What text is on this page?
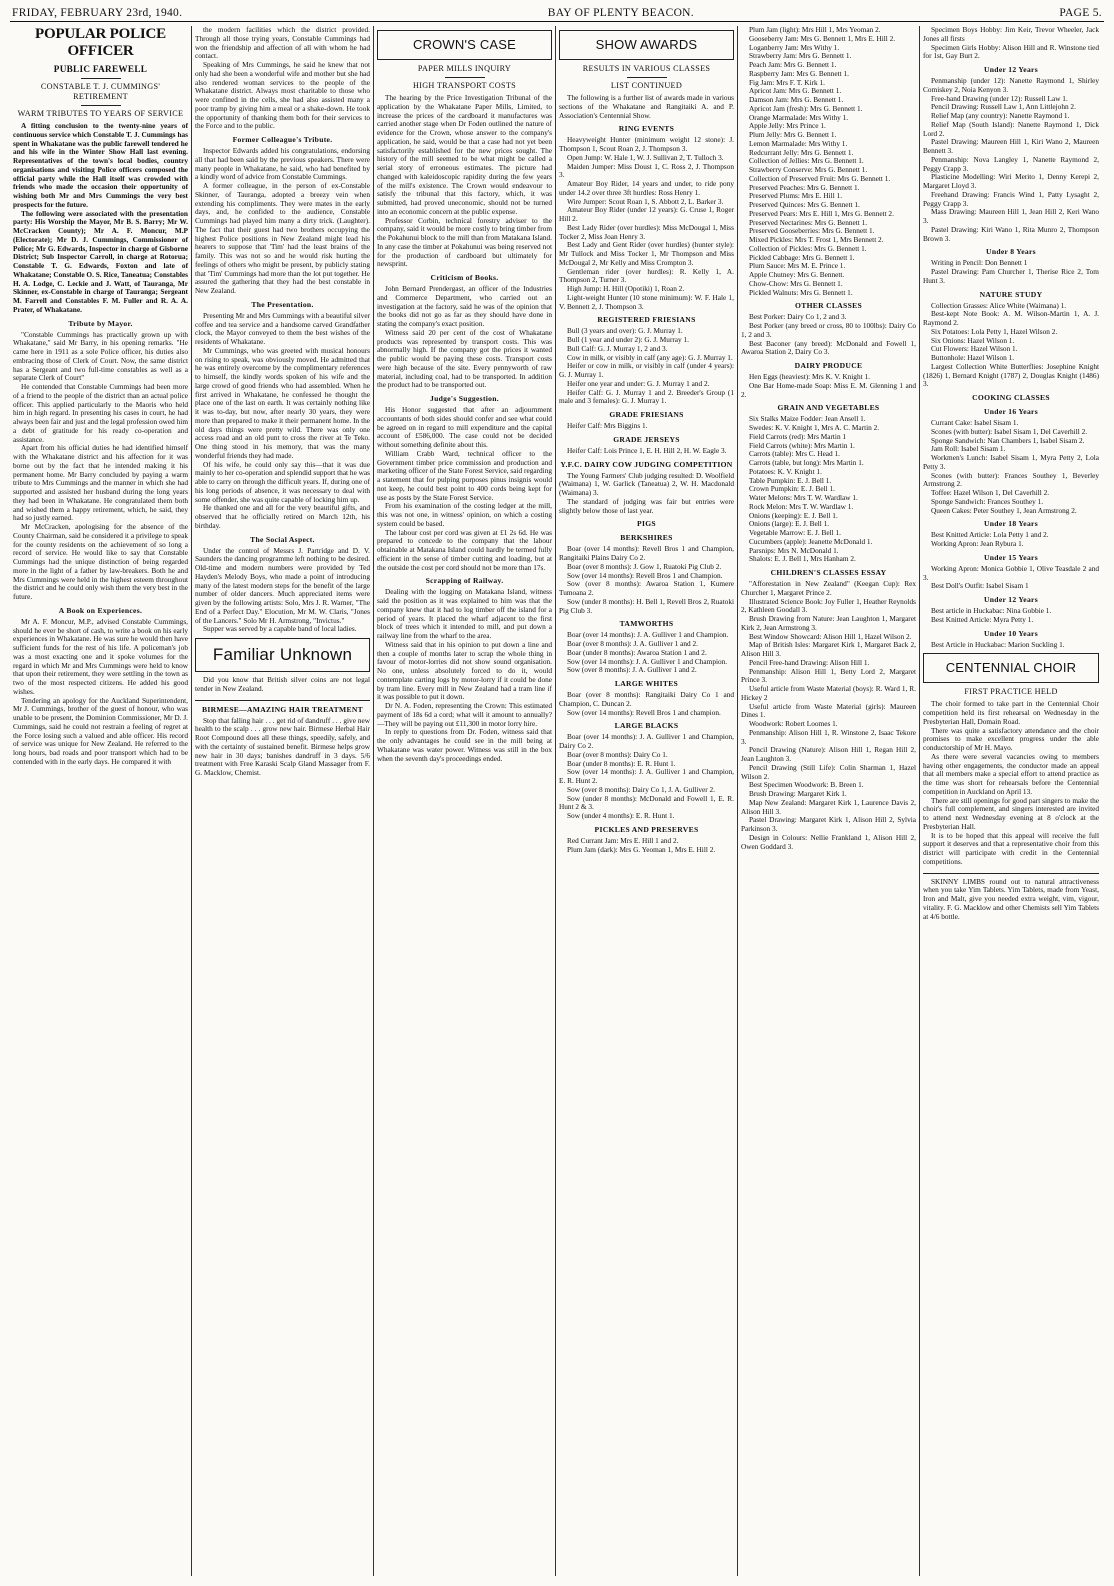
FRIDAY, FEBRUARY 23rd, 1940.	BAY OF PLENTY BEACON.	PAGE 5.
POPULAR POLICE OFFICER
PUBLIC FAREWELL
CONSTABLE T. J. CUMMINGS' RETIREMENT
WARM TRIBUTES TO YEARS OF SERVICE

A fitting conclusion to the twenty-nine years of continuous service which Constable T. J. Cummings has spent in Whakatane was the public farewell tendered he and his wife in the Winter Show Hall last evening. Representatives of the town's local bodies, country organisations and visiting Police officers composed the official party while the Hall itself was crowded with friends who made the occasion their opportunity of wishing both Mr and Mrs Cummings the very best prospects for the future.

The following were associated with the presentation party: His Worship the Mayor, Mr B. S. Barry; Mr W. McCracken County); Mr A. F. Moncur, M.P (Electorate); Mr D. J. Cummings, Commissioner of Police; Mr G. Edwards, Inspector in charge of Gisborne District; Sub Inspector Carroll, in charge at Rotorua; Constable T. G. Edwards, Foxton and late of Whakatane; Constable O. S. Rice, Taneatua; Constables H. A. Lodge, C. Leckie and J. Watt, of Tauranga, Mr Skinner, ex-Constable in charge of Tauranga; Sergeant M. Farrell and Constables F. M. Fuller and R. A. A. Prater, of Whakatane.

Tribute by Mayor.

"Constable Cummings has practically grown up with Whakatane," said Mr Barry, in his opening remarks. "He came here in 1911 as a sole Police officer, his duties also embracing those of Clerk of Court. Now, the same district has a Sergeant and two full-time constables as well as a separate Clerk of Court"

He contended that Constable Cummings had been more of a friend to the people of the district than an actual police officer. This applied particularly to the Maoris who held him in high regard. In presenting his cases in court, he had always been fair and just and the legal profession owed him a debt of gratitude for his ready co-operation and assistance.

Apart from his official duties he had identified himself with the Whakatane district and his affection for it was borne out by the fact that he intended making it his permanent home. Mr Barry concluded by paying a warm tribute to Mrs Cummings and the manner in which she had supported and assisted her husband during the long years they had been in Whakatane. He congratulated them both and wished them a happy retirement, which, he said, they had so justly earned.

Mr McCracken, apologising for the absence of the County Chairman, said he considered it a privilege to speak for the county residents on the achievement of so long a record of service. He would like to say that Constable Cummings had the unique distinction of being regarded more in the light of a father by law-breakers. Both he and Mrs Cummings were held in the highest esteem throughout the district and he could only wish them the very best in the future.

A Book on Experiences.

Mr A. F. Moncur, M.P., advised Constable Cummings, should he ever be short of cash, to write a book on his early experiences in Whakatane. He was sure he would then have sufficient funds for the rest of his life. A policeman's job was a most exacting one and it spoke volumes for the regard in which Mr and Mrs Cummings were held to know that upon their retirement, they were settling in the town as two of the most respected citizens. He added his good wishes.

Tendering an apology for the Auckland Superintendent, Mr J. Cummings, brother of the guest of honour, who was unable to be present, the Dominion Commissioner, Mr D. J. Cummings, said he could not restrain a feeling of regret at the Force losing such a valued and able officer. His record of service was unique for New Zealand. He referred to the long hours, bad roads and poor transport which had to be contended with in the early days. He compared it with

the modern facilities which the district provided. Through all those trying years, Constable Cummings had won the friendship and affection of all with whom he had contact.

Speaking of Mrs Cummings, he said he knew that not only had she been a wonderful wife and mother but she had also rendered woman services to the people of the Whakatane district. Always most charitable to those who were confined in the cells, she had also assisted many a poor tramp by giving him a meal or a shake-down. He took the opportunity of thanking them both for their services to the Force and to the public.

Former Colleague's Tribute.

Inspector Edwards added his congratulations, endorsing all that had been said by the previous speakers. There were many people in Whakatane, he said, who had benefited by a kindly word of advice from Constable Cummings.

A former colleague, in the person of ex-Constable Skinner, of Tauranga, adopted a breezy vein when extending his compliments. They were mates in the early days, and, he confided to the audience, Constable Cummings had played him many a dirty trick. (Laughter). The fact that their guest had two brothers occupying the highest Police positions in New Zealand might lead his hearers to suppose that 'Tim' had the least brains of the family. This was not so and he would risk hurting the feelings of others who might be present, by publicly stating that 'Tim' Cummings had more than the lot put together. He assured the gathering that they had the best constable in New Zealand.

The Presentation.

Presenting Mr and Mrs Cummings with a beautiful silver coffee and tea service and a handsome carved Grandfather clock, the Mayor conveyed to them the best wishes of the residents of Whakatane.

Mr Cummings, who was greeted with musical honours on rising to speak, was obviously moved. He admitted that he was entirely overcome by the complimentary references to himself, the kindly words spoken of his wife and the large crowd of good friends who had assembled. When he first arrived in Whakatane, he confessed he thought the place one of the last on earth. It was certainly nothing like it was to-day, but now, after nearly 30 years, they were more than prepared to make it their permanent home. In the old days things were pretty wild. There was only one access road and an old punt to cross the river at Te Teko. One thing stood in his memory, that was the many wonderful friends they had made.

Of his wife, he could only say this—that it was due mainly to her co-operation and splendid support that he was able to carry on through the difficult years. If, during one of his long periods of absence, it was necessary to deal with some offender, she was quite capable of locking him up.

He thanked one and all for the very beautiful gifts, and observed that he officially retired on March 12th, his birthday.

The Social Aspect.

Under the control of Messrs J. Partridge and D. V. Saunders the dancing programme left nothing to be desired. Old-time and modern numbers were provided by Ted Hayden's Melody Boys, who made a point of introducing many of the latest modern steps for the benefit of the large number of older dancers. Much appreciated items were given by the following artists: Solo, Mrs J. R. Warner, "The End of a Perfect Day." Elocution, Mr M. W. Claris, "Jones of the Lancers." Solo Mr H. Armstrong, "Invictus."

Supper was served by a capable band of local ladies.

Familiar Unknown

Did you know that British silver coins are not legal tender in New Zealand.

BIRMESE—AMAZING HAIR TREATMENT

Stop that falling hair . . . get rid of dandruff . . . give new health to the scalp . . . grow new hair. Birmese Herbal Hair Root Compound does all these things, speedily, safely, and with the certainty of sustained benefit. Birmese helps grow new hair in 30 days; banishes dandruff in 3 days. 5/6 treatment with Free Karaski Scalp Gland Massager from F. G. Macklow, Chemist.

CROWN'S CASE
PAPER MILLS INQUIRY
HIGH TRANSPORT COSTS

The hearing by the Price Investigation Tribunal of the application by the Whakatane Paper Mills, Limited, to increase the prices of the cardboard it manufactures was carried another stage when Dr Foden outlined the nature of evidence for the Crown, whose answer to the company's application, he said, would be that a case had not yet been satisfactorily established for the new prices sought. The history of the mill seemed to be what might be called a serial story of erroneous estimates. The picture had changed with kaleidoscopic rapidity during the few years of the mill's existence. The Crown would endeavour to satisfy the tribunal that this factory, which, it was submitted, had proved uneconomic, should not be turned into an economic concern at the public expense.

Professor Corbin, technical forestry adviser to the company, said it would be more costly to bring timber from the Pokahunui block to the mill than from Matakana Island. In any case the timber at Pokahunui was being reserved not for the production of cardboard but ultimately for newsprint.

Criticism of Books.

John Bernard Prendergast, an officer of the Industries and Commerce Department, who carried out an investigation at the factory, said he was of the opinion that the books did not go as far as they should have done in stating the company's exact position.

Witness said 20 per cent of the cost of Whakatane products was represented by transport costs. This was abnormally high. If the company got the prices it wanted the public would be paying these costs. Transport costs were high because of the site. Every pennyworth of raw material, including coal, had to be transported. In addition the product had to be transported out.

Judge's Suggestion.

His Honor suggested that after an adjournment accountants of both sides should confer and see what could be agreed on in regard to mill expenditure and the capital account of £586,000. The case could not be decided without something definite about this.

William Crabb Ward, technical officer to the Government timber price commission and production and marketing officer of the State Forest Service, said regarding a statement that for pulping purposes pinus insignis would not keep, he could best point to 400 cords being kept for use as posts by the State Forest Service.

From his examination of the costing ledger at the mill, this was not one, in witness' opinion, on which a costing system could be based.

The labour cost per cord was given at £1 2s 6d. He was prepared to concede to the company that the labour obtainable at Matakana Island could hardly be termed fully efficient in the sense of timber cutting and loading, but at the outside the cost per cord should not be more than 17s.

Scrapping of Railway.

Dealing with the logging on Matakana Island, witness said the position as it was explained to him was that the company knew that it had to log timber off the island for a period of years. It placed the wharf adjacent to the first block of trees which it intended to mill, and put down a railway line from the wharf to the area.

Witness said that in his opinion to put down a line and then a couple of months later to scrap the whole thing in favour of motor-lorries did not show sound organisation. No one, unless absolutely forced to do it, would contemplate carting logs by motor-lorry if it could be done by tram line. Every mill in New Zealand had a tram line if it was possible to put it down.

Dr N. A. Foden, representing the Crown: This estimated payment of 18s 6d a cord; what will it amount to annually?—They will be paying out £11,300 in motor lorry hire.

In reply to questions from Dr. Foden, witness said that the only advantages he could see in the mill being at Whakatane was water power. Witness was still in the box when the seventh day's proceedings ended.

SHOW AWARDS
RESULTS IN VARIOUS CLASSES
LIST CONTINUED

The following is a further list of awards made in various sections of the Whakatane and Rangitaiki A. and P. Association's Centennial Show.

RING EVENTS

Heavyweight Hunter (minimum weight 12 stone): J. Thompson 1, Scout Roan 2, J. Thompson 3.

Open Jump: W. Hale 1, W. J. Sullivan 2, T. Tulloch 3.

Maiden Jumper: Miss Doust 1, C. Ross 2, J. Thompson 3.

Amateur Boy Rider, 14 years and under, to ride pony under 14.2 over three 3ft hurdles: Ross Henry 1.

Wire Jumper: Scout Roan 1, S. Abbott 2, L. Barker 3.

Amateur Boy Rider (under 12 years): G. Cruse 1, Roger Hill 2.

Best Lady Rider (over hurdles): Miss McDougal 1, Miss Tocker 2, Miss Joan Henry 3.

Best Lady and Gent Rider (over hurdles) (hunter style): Mr Tullock and Miss Tocker 1, Mr Thompson and Miss McDougal 2, Mr Kelly and Miss Crompton 3.

Gentleman rider (over hurdles): R. Kelly 1, A. Thompson 2, Turner 3.

High Jump: H. Hill (Opotiki) 1, Roan 2.

Light-weight Hunter (10 stone minimum): W. F. Hale 1, V. Bennett 2, J. Thompson 3.

REGISTERED FRIESIANS

Bull (3 years and over): G. J. Murray 1.

Bull (1 year and under 2): G. J. Murray 1.

Bull Calf: G. J. Murray 1, 2 and 3.

Cow in milk, or visibly in calf (any age): G. J. Murray 1.

Heifer or cow in milk, or visibly in calf (under 4 years): G. J. Murray 1.

Heifer one year and under: G. J. Murray 1 and 2.

Heifer Calf: G. J. Murray 1 and 2. Breeder's Group (1 male and 3 females): G. J. Murray 1.

GRADE FRIESIANS

Heifer Calf: Mrs Biggins 1.

GRADE JERSEYS

Heifer Calf: Lois Prince 1, E. H. Hill 2, H. W. Eagle 3.

Y.F.C. DAIRY COW JUDGING COMPETITION

The Young Farmers' Club judging resulted: D. Woolfield (Waimana) 1, W. Garlick (Taneatua) 2, W. H. Macdonald (Waimana) 3.

The standard of judging was fair but entries were slightly below those of last year.

PIGS
BERKSHIRES

Boar (over 14 months): Revell Bros 1 and Champion, Rangitaiki Plains Dairy Co 2.

Boar (over 8 months): J. Gow 1, Ruatoki Pig Club 2.

Sow (over 14 months): Revell Bros 1 and Champion.

Sow (over 8 months): Awaroa Station 1, Kumere Tumoana 2.

Sow (under 8 months): H. Bell 1, Revell Bros 2, Ruatoki Pig Club 3.

TAMWORTHS

Boar (over 14 months): J. A. Gulliver 1 and Champion.

Boar (over 8 months): J. A. Gulliver 1 and 2.

Boar (under 8 months): Awaroa Station 1 and 2.

Sow (over 14 months): J. A. Gulliver 1 and Champion.

Sow (over 8 months): J. A. Gulliver 1 and 2.

LARGE WHITES

Boar (over 8 months): Rangitaiki Dairy Co 1 and Champion, C. Duncan 2.

Sow (over 14 months): Revell Bros 1 and champion.

LARGE BLACKS

Boar (over 14 months): J. A. Gulliver 1 and Champion, Dairy Co 2.

Boar (over 8 months): Dairy Co 1.

Boar (under 8 months): E. R. Hunt 1.

Sow (over 14 months): J. A. Gulliver 1 and Champion, E. R. Hunt 2.

Sow (over 8 months): Dairy Co 1, J. A. Gulliver 2.

Sow (under 8 months): McDonald and Fowell 1, E. R. Hunt 2 & 3.

Sow (under 4 months): E. R. Hunt 1.

PICKLES AND PRESERVES

Red Currant Jam: Mrs E. Hill 1 and 2.

Plum Jam (dark): Mrs G. Yeoman 1, Mrs E. Hill 2.

Plum Jam (light): Mrs Hill 1, Mrs Yeoman 2.

Gooseberry Jam: Mrs G. Bennett 1, Mrs E. Hill 2.

Loganberry Jam: Mrs Withy 1.

Strawberry Jam: Mrs G. Bennett 1.

Peach Jam: Mrs G. Bennett 1.

Raspberry Jam: Mrs G. Bennett 1.

Fig Jam: Mrs F. T. Kirk 1.

Apricot Jam: Mrs G. Bennett 1.

Damson Jam: Mrs G. Bennett 1.

Apricot Jam (fresh): Mrs G. Bennett 1.

Orange Marmalade: Mrs Withy 1.

Apple Jelly: Mrs Prince 1.

Plum Jelly: Mrs G. Bennett 1.

Lemon Marmalade: Mrs Withy 1.

Redcurrant Jelly: Mrs G. Bennett 1.

Collection of Jellies: Mrs G. Bennett 1.

Strawberry Conserve: Mrs G. Bennett 1.

Collection of Preserved Fruit: Mrs G. Bennett 1.

Preserved Peaches: Mrs G. Bennett 1.

Preserved Plums: Mrs E. Hill 1.

Preserved Quinces: Mrs G. Bennett 1.

Preserved Pears: Mrs E. Hill 1, Mrs G. Bennett 2.

Preserved Nectarines: Mrs G. Bennett 1.

Preserved Gooseberries: Mrs G. Bennett 1.

Mixed Pickles: Mrs T. Frost 1, Mrs Bennett 2.

Collection of Pickles: Mrs G. Bennett 1.

Pickled Cabbage: Mrs G. Bennett 1.

Plum Sauce: Mrs M. E. Prince 1.

Apple Chutney: Mrs G. Bennett.

Chow-Chow: Mrs G. Bennett 1.

Pickled Walnuts: Mrs G. Bennett 1.

OTHER CLASSES

Best Porker: Dairy Co 1, 2 and 3.

Best Porker (any breed or cross, 80 to 100lbs): Dairy Co 1, 2 and 3.

Best Baconer (any breed): McDonald and Fowell 1, Awaroa Station 2, Dairy Co 3.

DAIRY PRODUCE

Hen Eggs (heaviest): Mrs K. V. Knight 1.

One Bar Home-made Soap: Miss E. M. Glenning 1 and 2.

GRAIN AND VEGETABLES

Six Stalks Maize Fodder: Jean Ansell 1.

Swedes: K. V. Knight 1, Mrs A. C. Martin 2.

Field Carrots (red): Mrs Martin 1

Field Carrots (white): Mrs Martin 1.

Carrots (table): Mrs C. Head 1.

Carrots (table, but long): Mrs Martin 1.

Potatoes: K. V. Knight 1.

Table Pumpkin: E. J. Bell 1.

Crown Pumpkin: E. J. Bell 1.

Water Melons: Mrs T. W. Wardlaw 1.

Rock Melon: Mrs T. W. Wardlaw 1.

Onions (keeping): E. J. Bell 1.

Onions (large): E. J. Bell 1.

Vegetable Marrow: E. J. Bell 1.

Cucumbers (apple): Jeanette McDonald 1.

Parsnips: Mrs N. McDonald 1.

Shalots: E. J. Bell 1, Mrs Hanham 2.

CHILDREN'S CLASSES ESSAY

"Afforestation in New Zealand" (Keegan Cup): Rex Churcher 1, Margaret Prince 2.

Illustrated Science Book: Joy Fuller 1, Heather Reynolds 2, Kathleen Goodall 3.

Brush Drawing from Nature: Jean Laughton 1, Margaret Kirk 2, Jean Armstrong 3.

Best Window Showcard: Alison Hill 1, Hazel Wilson 2.

Map of British Isles: Margaret Kirk 1, Margaret Back 2, Alison Hill 3.

Pencil Free-hand Drawing: Alison Hill 1.

Penmanship: Alison Hill 1, Betty Lord 2, Margaret Prince 3.

Useful article from Waste Material (boys): R. Ward 1, R. Hickey 2

Useful article from Waste Material (girls): Maureen Dines 1.

Woodwork: Robert Loomes 1.

Penmanship: Alison Hill 1, R. Winstone 2, Isaac Tekore 3.

Pencil Drawing (Nature): Alison Hill 1, Regan Hill 2, Jean Laughton 3.

Pencil Drawing (Still Life): Colin Sharman 1, Hazel Wilson 2.

Best Specimen Woodwork: B. Breen 1.

Brush Drawing: Margaret Kirk 1.

Map New Zealand: Margaret Kirk 1, Laurence Davis 2, Alison Hill 3.

Pastel Drawing: Margaret Kirk 1, Alison Hill 2, Sylvia Parkinson 3.

Design in Colours: Nellie Frankland 1, Alison Hill 2, Owen Goddard 3.

Specimen Boys Hobby: Jim Keir, Trevor Wheeler, Jack Jones all firsts

Specimen Girls Hobby: Alison Hill and R. Winstone tied for 1st, Gay Burt 2.

Under 12 Years

Penmanship (under 12): Nanette Raymond 1, Shirley Comiskey 2, Noia Kenyon 3.

Free-hand Drawing (under 12): Russell Law 1.

Pencil Drawing: Russell Law 1, Ann Littlejohn 2.

Relief Map (any country): Nanette Raymond 1.

Relief Map (South Island): Nanette Raymond 1, Dick Lord 2.

Pastel Drawing: Maureen Hill 1, Kiri Wano 2, Maureen Bennett 3.

Penmanship: Nova Langley 1, Nanette Raymond 2, Peggy Crapp 3.

Plasticine Modelling: Wiri Merito 1, Denny Kerepi 2, Margaret Lloyd 3.

Freehand Drawing: Francis Wind 1, Patty Lysaght 2, Peggy Crapp 3.

Mass Drawing: Maureen Hill 1, Jean Hill 2, Keri Wano 3.

Pastel Drawing: Kiri Wano 1, Rita Munro 2, Thompson Brown 3.

Under 8 Years

Writing in Pencil: Don Bennett 1

Pastel Drawing: Pam Churcher 1, Therise Rice 2, Tom Hunt 3.

NATURE STUDY

Collection Grasses: Alice White (Waimana) 1.

Best-kept Note Book: A. M. Wilson-Martin 1, A. J. Raymond 2.

Six Potatoes: Lola Petty 1, Hazel Wilson 2.

Six Onions: Hazel Wilson 1.

Cut Flowers: Hazel Wilson 1.

Buttonhole: Hazel Wilson 1.

Largest Collection White Butterflies: Josephine Knight (1826) 1, Bernard Knight (1787) 2, Douglas Knight (1486) 3.

COOKING CLASSES
Under 16 Years

Currant Cake: Isabel Sisam 1.

Scones (with butter): Isabel Sisam 1, Del Caverhill 2.

Sponge Sandwich: Nan Chambers 1, Isabel Sisam 2.

Jam Roll: Isabel Sisam 1.

Workmen's Lunch: Isabel Sisam 1, Myra Petty 2, Lola Petty 3.

Scones (with butter): Frances Southey 1, Beverley Armstrong 2.

Toffee: Hazel Wilson 1, Del Caverhill 2.

Sponge Sandwich: Frances Southey 1.

Queen Cakes: Peter Southey 1, Jean Armstrong 2.

Under 18 Years

Best Knitted Article: Lola Petty 1 and 2.

Working Apron: Jean Rybura 1.

Under 15 Years

Working Apron: Monica Gobbie 1, Olive Teasdale 2 and 3.

Best Doll's Outfit: Isabel Sisam 1

Under 12 Years

Best article in Huckabac: Nina Gobbie 1.

Best Knitted Article: Myra Petty 1.

Under 10 Years

Best Article in Huckabac: Marion Suckling 1.

CENTENNIAL CHOIR
FIRST PRACTICE HELD

The choir formed to take part in the Centennial Choir competition held its first rehearsal on Wednesday in the Presbyterian Hall, Domain Road.

There was quite a satisfactory attendance and the choir promises to make excellent progress under the able conductorship of Mr H. Mayo.

As there were several vacancies owing to members having other engagements, the conductor made an appeal that all members make a special effort to attend practice as the time was short for rehearsals before the Centennial competition in Auckland on April 13.

There are still openings for good part singers to make the choir's full complement, and singers interested are invited to attend next Wednesday evening at 8 o'clock at the Presbyterian Hall.

It is to be hoped that this appeal will receive the full support it deserves and that a representative choir from this district will participate with credit in the Centennial competitions.

SKINNY LIMBS round out to natural attractiveness when you take Yim Tablets. Yim Tablets, made from Yeast, Iron and Malt, give you needed extra weight, vim, vigour, vitality. F. G. Macklow and other Chemists sell Yim Tablets at 4/6 bottle.
